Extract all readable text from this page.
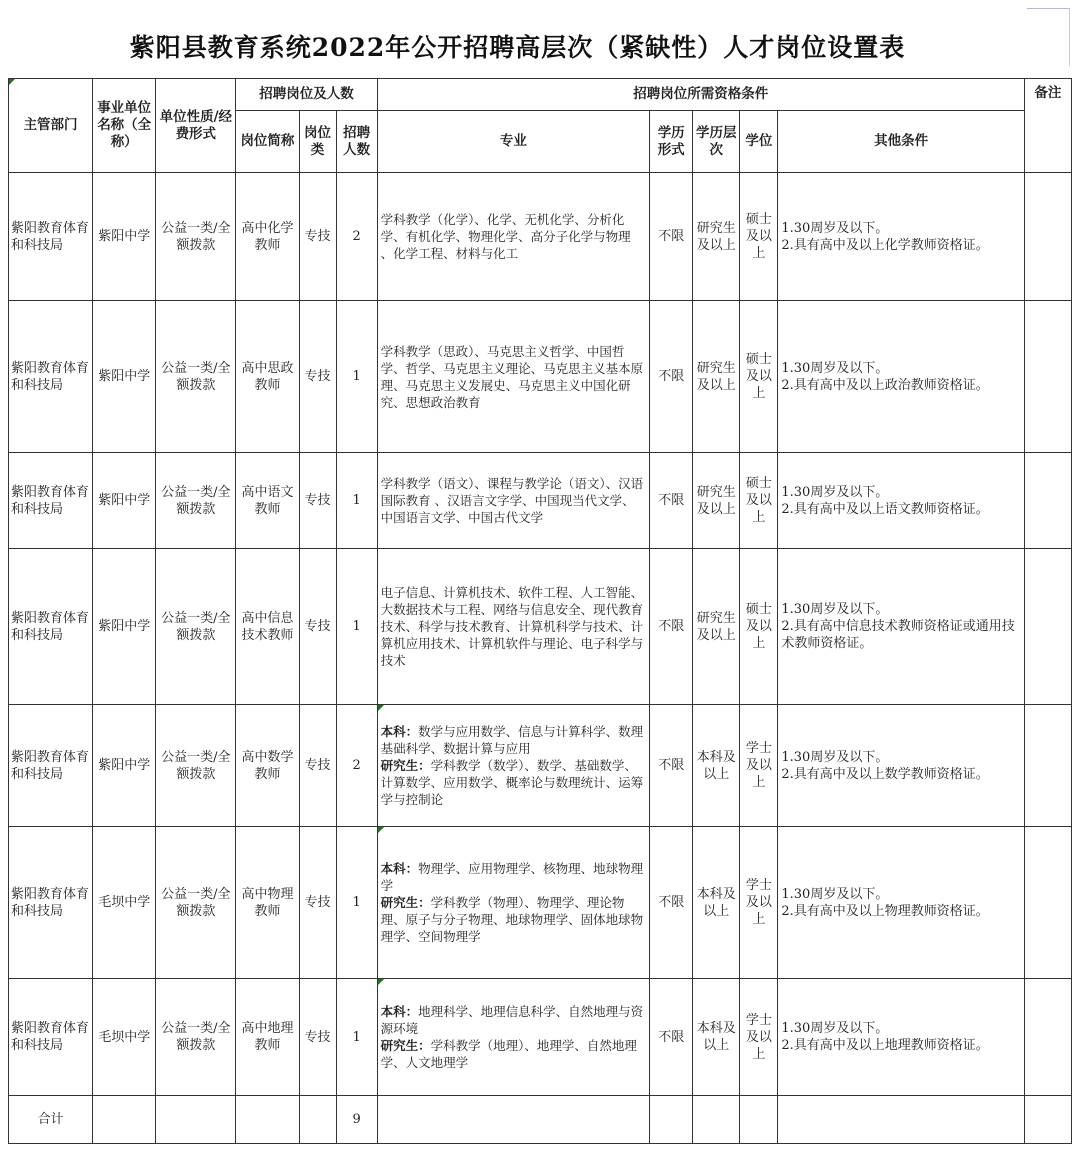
紫阳县教育系统2022年公开招聘高层次（紧缺性）人才岗位设置表
主管部门	事业单位名称（全称）	单位性质/经费形式	招聘岗位及人数			招聘岗位所需资格条件					备注
			岗位简称	岗位类	招聘人数	专业	学历形式	学历层次	学位	其他条件	
紫阳教育体育和科技局	紫阳中学	公益一类/全额拨款	高中化学教师	专技	2	学科教学（化学）、化学、无机化学、分析化学、有机化学、物理化学、高分子化学与物理 、化学工程、材料与化工	不限	研究生及以上	硕士及以上	1.30周岁及以下。
2.具有高中及以上化学教师资格证。	
紫阳教育体育和科技局	紫阳中学	公益一类/全额拨款	高中思政教师	专技	1	学科教学（思政）、马克思主义哲学、中国哲学、哲学、马克思主义理论、马克思主义基本原理、马克思主义发展史、马克思主义中国化研究、思想政治教育	不限	研究生及以上	硕士及以上	1.30周岁及以下。
2.具有高中及以上政治教师资格证。	
紫阳教育体育和科技局	紫阳中学	公益一类/全额拨款	高中语文教师	专技	1	学科教学（语文）、课程与教学论（语文）、汉语国际教育 、汉语言文字学、中国现当代文学、中国语言文学、中国古代文学	不限	研究生及以上	硕士及以上	1.30周岁及以下。
2.具有高中及以上语文教师资格证。	
紫阳教育体育和科技局	紫阳中学	公益一类/全额拨款	高中信息技术教师	专技	1	电子信息、计算机技术、软件工程、人工智能、大数据技术与工程、网络与信息安全、现代教育技术、科学与技术教育、计算机科学与技术、计算机应用技术、计算机软件与理论、电子科学与技术	不限	研究生及以上	硕士及以上	1.30周岁及以下。
2.具有高中信息技术教师资格证或通用技术教师资格证。	
紫阳教育体育和科技局	紫阳中学	公益一类/全额拨款	高中数学教师	专技	2	本科：数学与应用数学、信息与计算科学、数理基础科学、数据计算与应用
研究生：学科教学（数学）、数学、基础数学、计算数学、应用数学、概率论与数理统计、运筹学与控制论	不限	本科及以上	学士及以上	1.30周岁及以下。
2.具有高中及以上数学教师资格证。	
紫阳教育体育和科技局	毛坝中学	公益一类/全额拨款	高中物理教师	专技	1	本科：物理学、应用物理学、核物理、地球物理学
研究生：学科教学（物理）、物理学、理论物理、原子与分子物理、地球物理学、固体地球物理学、空间物理学	不限	本科及以上	学士及以上	1.30周岁及以下。
2.具有高中及以上物理教师资格证。	
紫阳教育体育和科技局	毛坝中学	公益一类/全额拨款	高中地理教师	专技	1	本科：地理科学、地理信息科学、自然地理与资源环境
研究生：学科教学（地理）、地理学、自然地理学、人文地理学	不限	本科及以上	学士及以上	1.30周岁及以下。
2.具有高中及以上地理教师资格证。	
合计					9						
